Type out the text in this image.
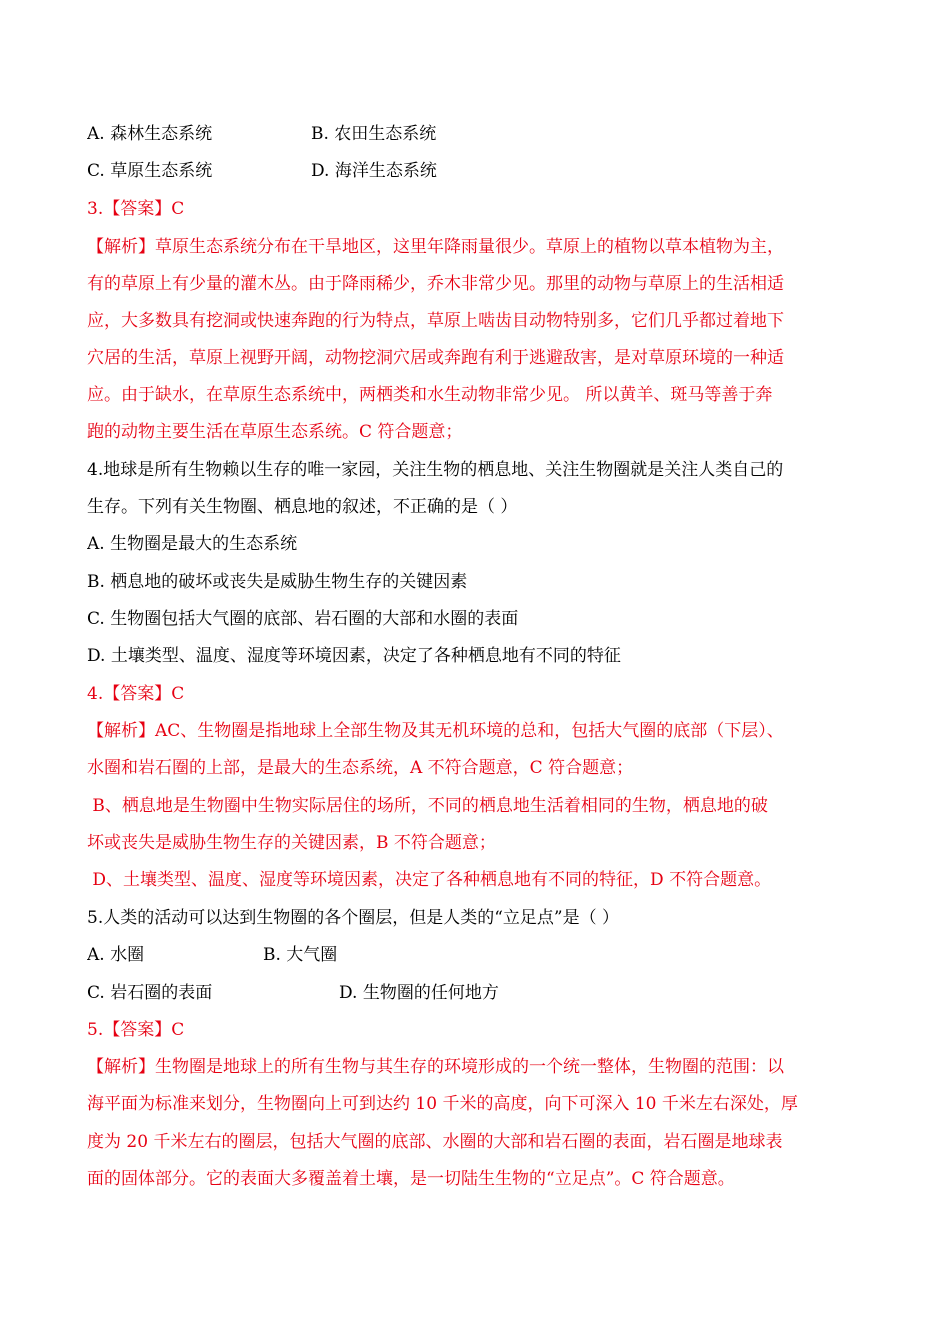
A. 森林生态系统	B. 农田生态系统
C. 草原生态系统	D. 海洋生态系统
3.【答案】C
【解析】草原生态系统分布在干旱地区，这里年降雨量很少。草原上的植物以草本植物为主，
有的草原上有少量的灌木丛。由于降雨稀少，乔木非常少见。那里的动物与草原上的生活相适
应，大多数具有挖洞或快速奔跑的行为特点，草原上啮齿目动物特别多，它们几乎都过着地下
穴居的生活，草原上视野开阔，动物挖洞穴居或奔跑有利于逃避敌害，是对草原环境的一种适
应。由于缺水，在草原生态系统中，两栖类和水生动物非常少见。 所以黄羊、斑马等善于奔
跑的动物主要生活在草原生态系统。C 符合题意；
4.地球是所有生物赖以生存的唯一家园，关注生物的栖息地、关注生物圈就是关注人类自己的
生存。下列有关生物圈、栖息地的叙述，不正确的是（ ）
A. 生物圈是最大的生态系统
B. 栖息地的破坏或丧失是威胁生物生存的关键因素
C. 生物圈包括大气圈的底部、岩石圈的大部和水圈的表面
D. 土壤类型、温度、湿度等环境因素，决定了各种栖息地有不同的特征
4.【答案】C
【解析】AC、生物圈是指地球上全部生物及其无机环境的总和，包括大气圈的底部（下层）、
水圈和岩石圈的上部，是最大的生态系统，A 不符合题意，C 符合题意；
B、栖息地是生物圈中生物实际居住的场所，不同的栖息地生活着相同的生物，栖息地的破
坏或丧失是威胁生物生存的关键因素，B 不符合题意；
D、土壤类型、温度、湿度等环境因素，决定了各种栖息地有不同的特征，D 不符合题意。
5.人类的活动可以达到生物圈的各个圈层，但是人类的“立足点”是（ ）
A. 水圈	B. 大气圈
C. 岩石圈的表面	D. 生物圈的任何地方
5.【答案】C
【解析】生物圈是地球上的所有生物与其生存的环境形成的一个统一整体，生物圈的范围：以
海平面为标准来划分，生物圈向上可到达约 10 千米的高度，向下可深入 10 千米左右深处，厚
度为 20 千米左右的圈层，包括大气圈的底部、水圈的大部和岩石圈的表面，岩石圈是地球表
面的固体部分。它的表面大多覆盖着土壤，是一切陆生生物的“立足点”。C 符合题意。
